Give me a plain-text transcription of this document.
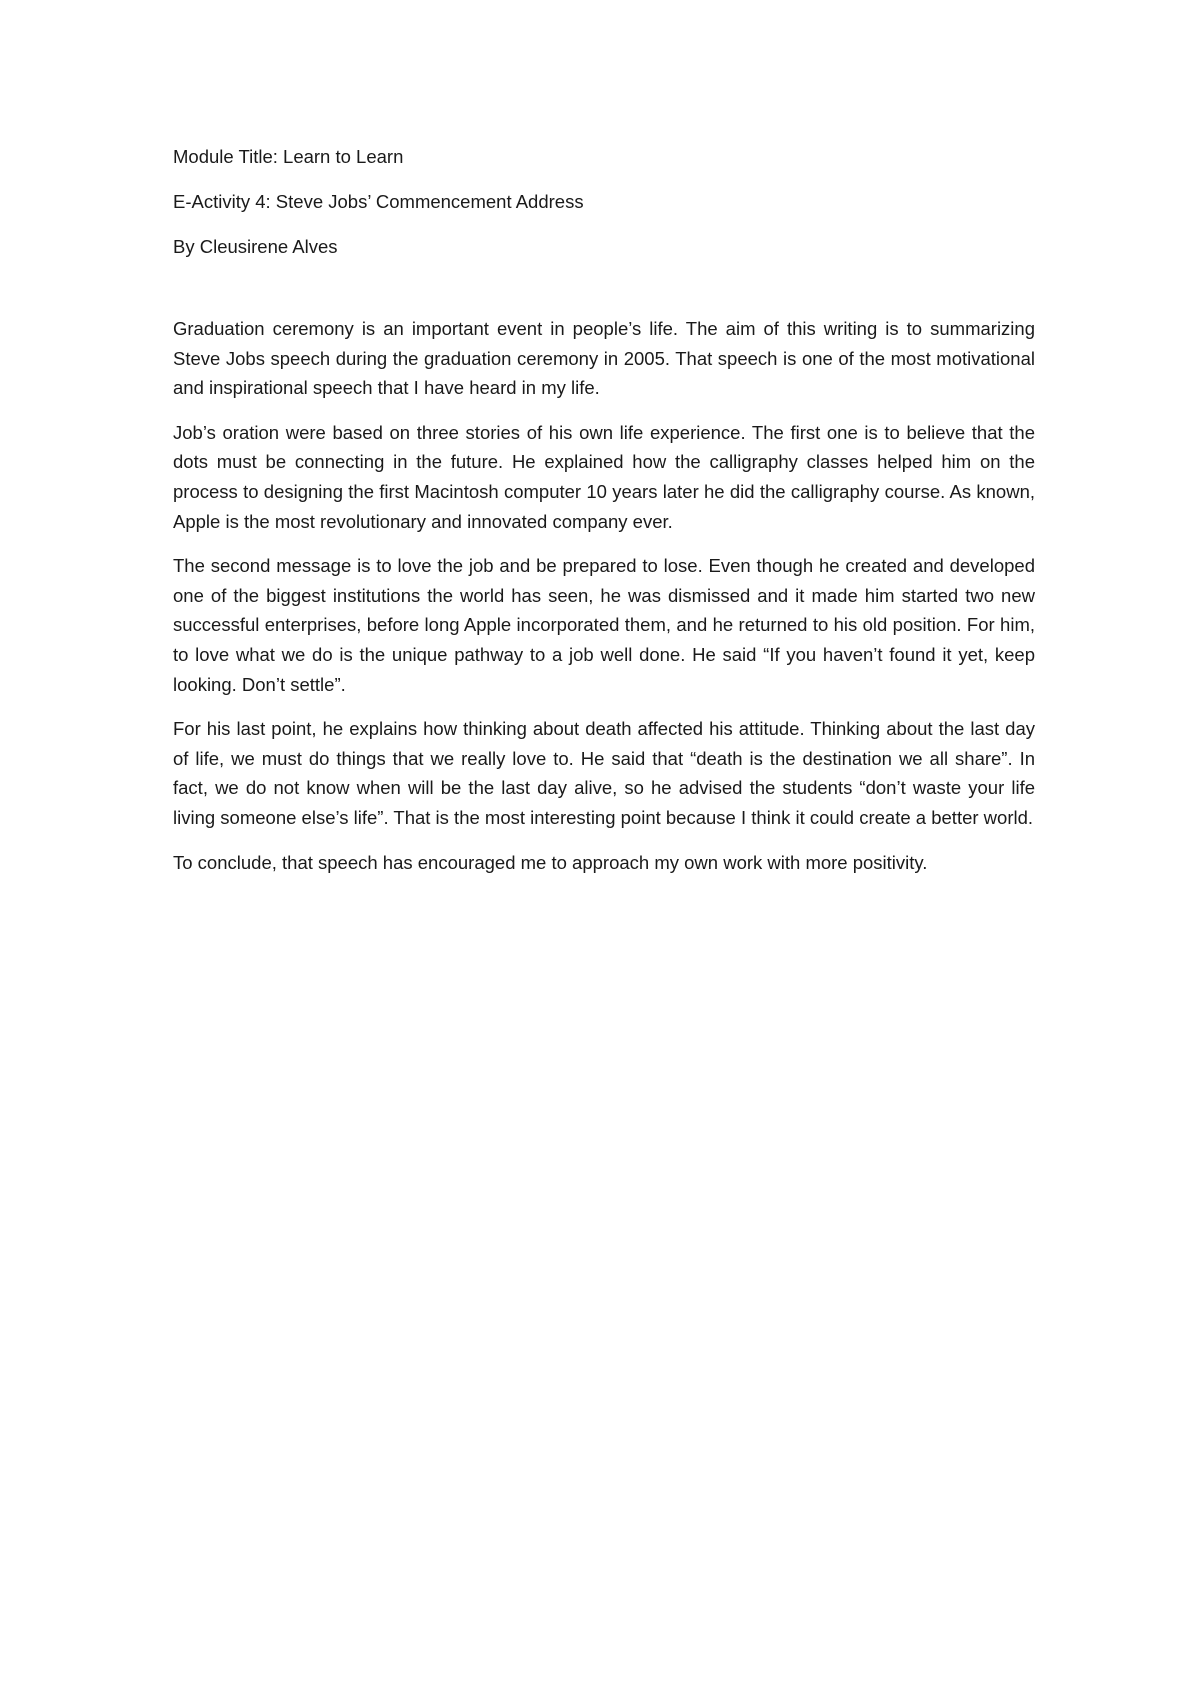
Module Title: Learn to Learn

E-Activity 4: Steve Jobs’ Commencement Address

By Cleusirene Alves

Graduation ceremony is an important event in people’s life. The aim of this writing is to summarizing Steve Jobs speech during the graduation ceremony in 2005. That speech is one of the most motivational and inspirational speech that I have heard in my life.

Job’s oration were based on three stories of his own life experience. The first one is to believe that the dots must be connecting in the future. He explained how the calligraphy classes helped him on the process to designing the first Macintosh computer 10 years later he did the calligraphy course. As known, Apple is the most revolutionary and innovated company ever.

The second message is to love the job and be prepared to lose. Even though he created and developed one of the biggest institutions the world has seen, he was dismissed and it made him started two new successful enterprises, before long Apple incorporated them, and he returned to his old position. For him, to love what we do is the unique pathway to a job well done. He said “If you haven’t found it yet, keep looking. Don’t settle”.

For his last point, he explains how thinking about death affected his attitude. Thinking about the last day of life, we must do things that we really love to. He said that “death is the destination we all share”. In fact, we do not know when will be the last day alive, so he advised the students “don’t waste your life living someone else’s life”. That is the most interesting point because I think it could create a better world.

To conclude, that speech has encouraged me to approach my own work with more positivity.
